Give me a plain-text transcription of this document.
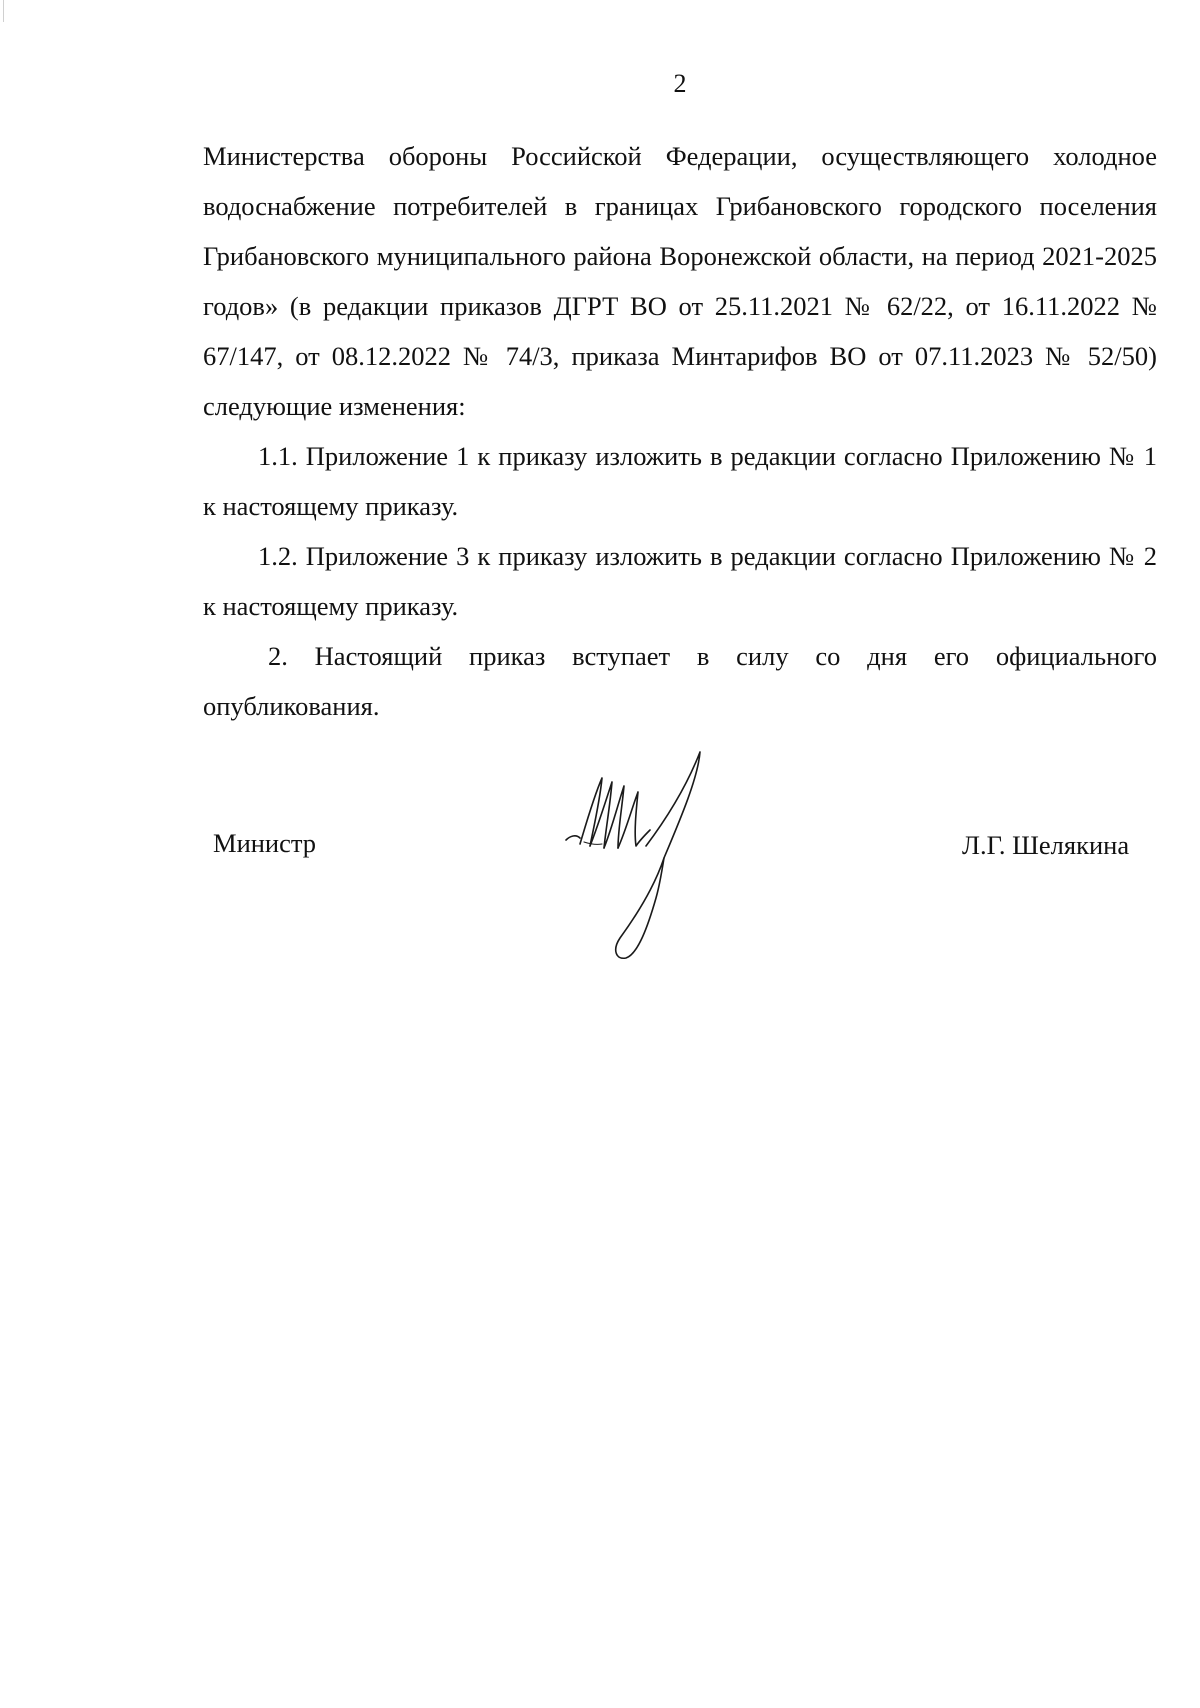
2

Министерства обороны Российской Федерации, осуществляющего холодное водоснабжение потребителей в границах Грибановского городского поселения Грибановского муниципального района Воронежской области, на период 2021-2025 годов» (в редакции приказов ДГРТ ВО от 25.11.2021 № 62/22, от 16.11.2022 № 67/147, от 08.12.2022 № 74/3, приказа Минтарифов ВО от 07.11.2023 № 52/50) следующие изменения:

1.1. Приложение 1 к приказу изложить в редакции согласно Приложению № 1 к настоящему приказу.

1.2. Приложение 3 к приказу изложить в редакции согласно Приложению № 2 к настоящему приказу.

2. Настоящий приказ вступает в силу со дня его официального опубликования.

Министр	Л.Г. Шелякина
